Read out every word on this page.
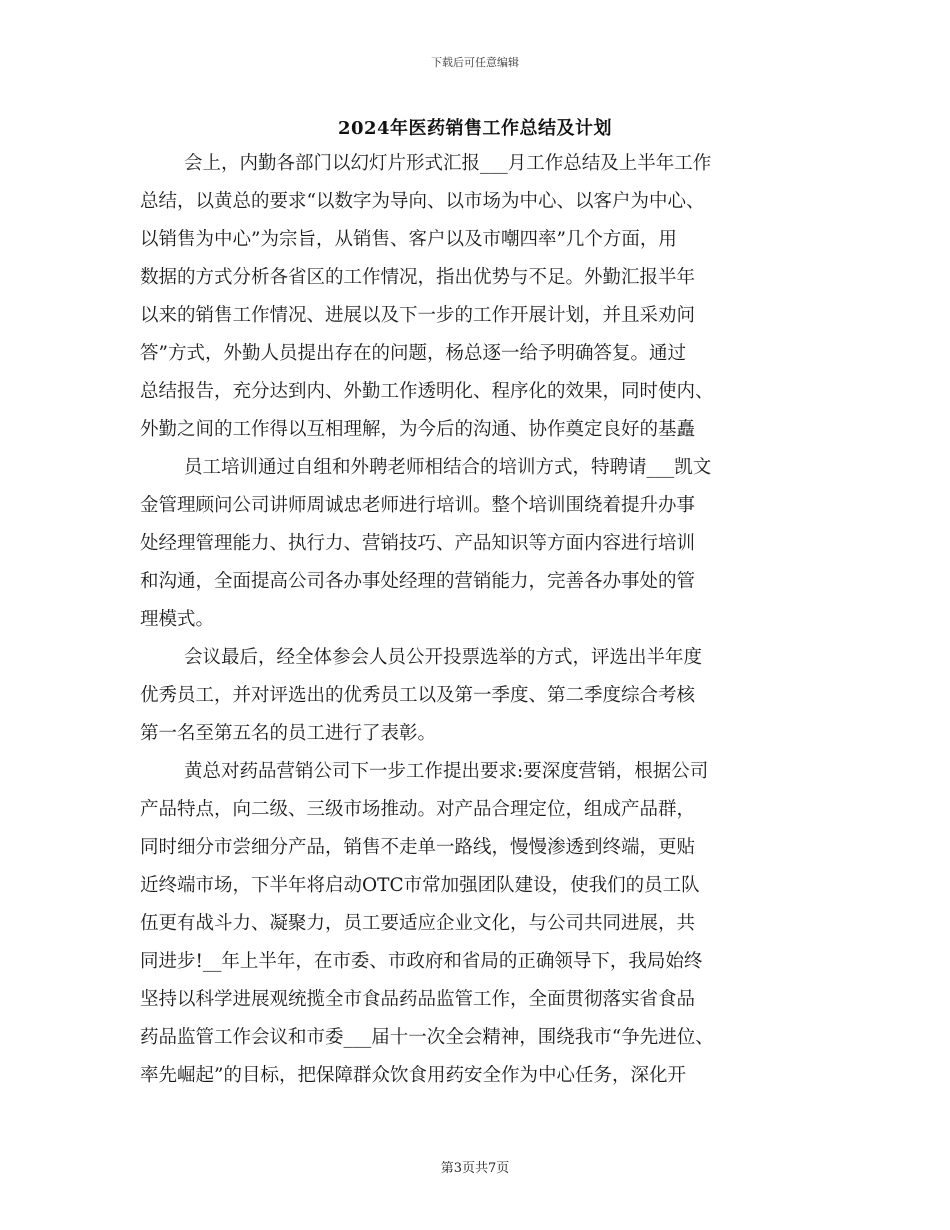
下载后可任意编辑
2024年医药销售工作总结及计划
会上，内勤各部门以幻灯片形式汇报___月工作总结及上半年工作
总结，以黄总的要求“以数字为导向、以市场为中心、以客户为中心、
以销售为中心”为宗旨，从销售、客户以及市嘲四率”几个方面，用
数据的方式分析各省区的工作情况，指出优势与不足。外勤汇报半年
以来的销售工作情况、进展以及下一步的工作开展计划，并且采劝问
答”方式，外勤人员提出存在的问题，杨总逐一给予明确答复。通过
总结报告，充分达到内、外勤工作透明化、程序化的效果，同时使内、
外勤之间的工作得以互相理解，为今后的沟通、协作奠定良好的基矗
员工培训通过自组和外聘老师相结合的培训方式，特聘请___凯文
金管理顾问公司讲师周诚忠老师进行培训。整个培训围绕着提升办事
处经理管理能力、执行力、营销技巧、产品知识等方面内容进行培训
和沟通，全面提高公司各办事处经理的营销能力，完善各办事处的管
理模式。
会议最后，经全体参会人员公开投票选举的方式，评选出半年度
优秀员工，并对评选出的优秀员工以及第一季度、第二季度综合考核
第一名至第五名的员工进行了表彰。
黄总对药品营销公司下一步工作提出要求:要深度营销，根据公司
产品特点，向二级、三级市场推动。对产品合理定位，组成产品群，
同时细分市尝细分产品，销售不走单一路线，慢慢渗透到终端，更贴
近终端市场，下半年将启动OTC市常加强团队建设，使我们的员工队
伍更有战斗力、凝聚力，员工要适应企业文化，与公司共同进展，共
同进步!__年上半年，在市委、市政府和省局的正确领导下，我局始终
坚持以科学进展观统揽全市食品药品监管工作，全面贯彻落实省食品
药品监管工作会议和市委___届十一次全会精神，围绕我市“争先进位、
率先崛起”的目标，把保障群众饮食用药安全作为中心任务，深化开
第3页共7页
